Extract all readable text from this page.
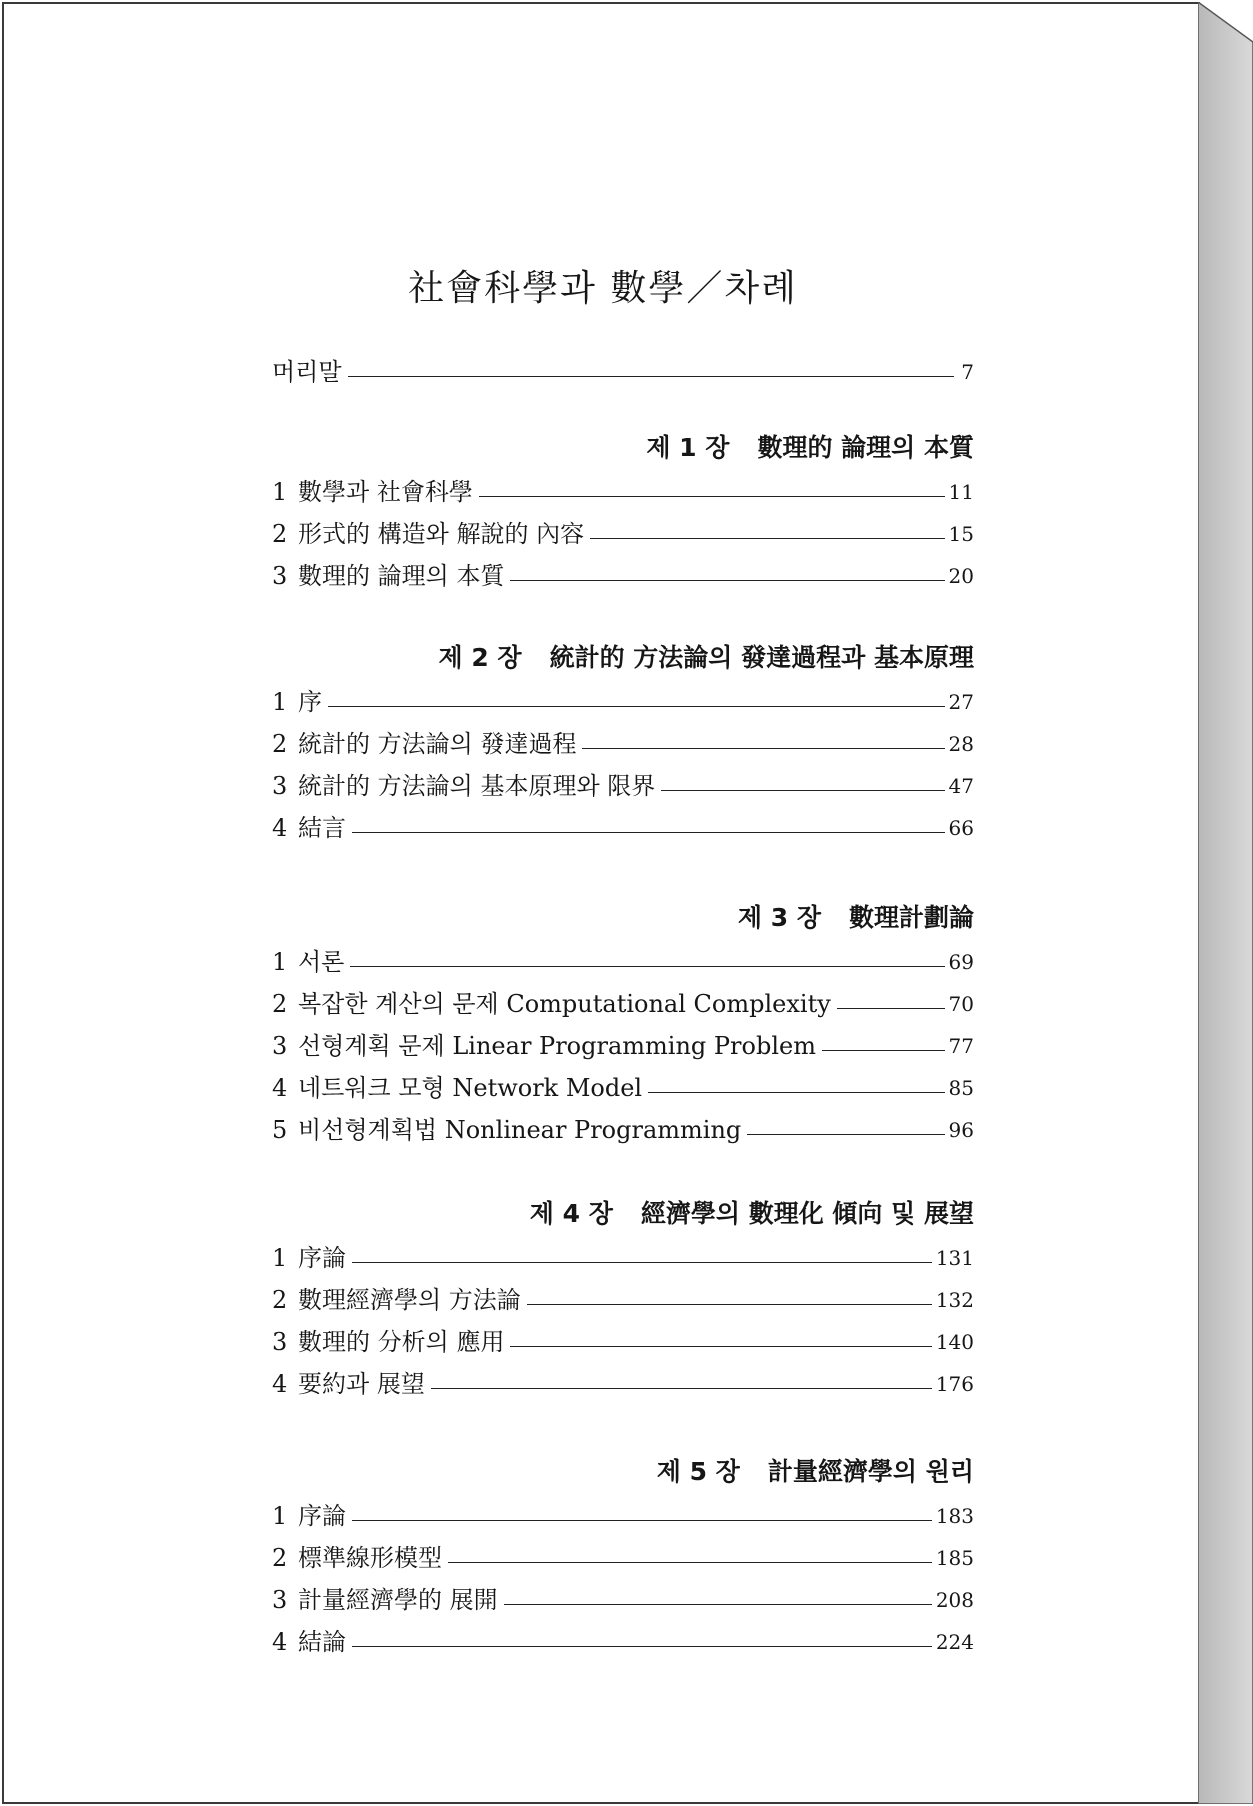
社會科學과 數學／차례
머리말	7
제 1 장 數理的 論理의 本質
1 數學과 社會科學	11
2 形式的 構造와 解說的 內容	15
3 數理的 論理의 本質	20
제 2 장 統計的 方法論의 發達過程과 基本原理
1 序	27
2 統計的 方法論의 發達過程	28
3 統計的 方法論의 基本原理와 限界	47
4 結言	66
제 3 장 數理計劃論
1 서론	69
2 복잡한 계산의 문제 Computational Complexity	70
3 선형계획 문제 Linear Programming Problem	77
4 네트워크 모형 Network Model	85
5 비선형계획법 Nonlinear Programming	96
제 4 장 經濟學의 數理化 傾向 및 展望
1 序論	131
2 數理經濟學의 方法論	132
3 數理的 分析의 應用	140
4 要約과 展望	176
제 5 장 計量經濟學의 원리
1 序論	183
2 標準線形模型	185
3 計量經濟學的 展開	208
4 結論	224
